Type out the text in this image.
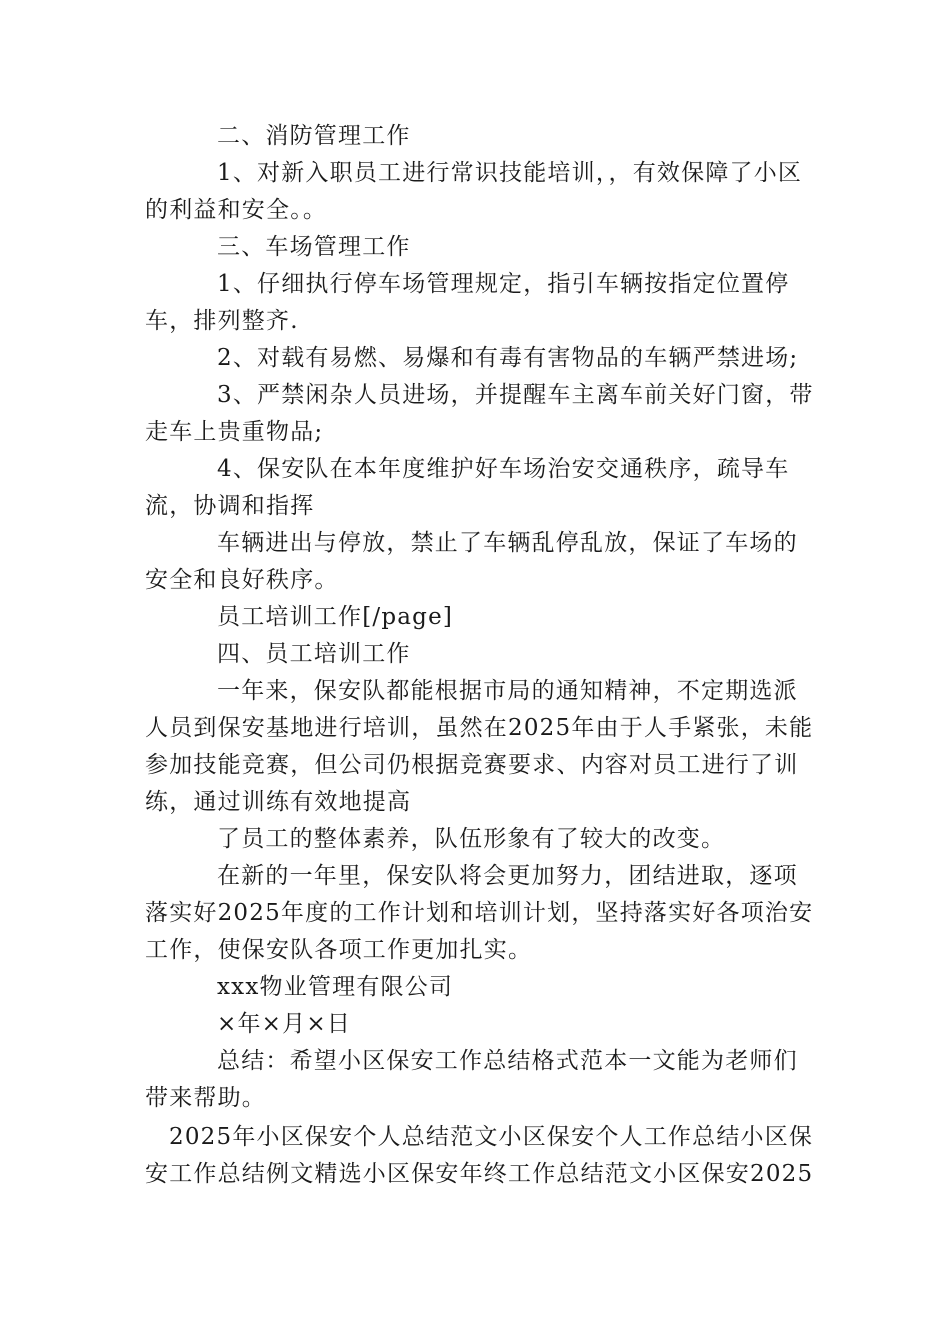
二、消防管理工作

1、对新入职员工进行常识技能培训，，有效保障了小区的利益和安全。。

三、车场管理工作

1、仔细执行停车场管理规定，指引车辆按指定位置停车，排列整齐.

2、对载有易燃、易爆和有毒有害物品的车辆严禁进场;

3、严禁闲杂人员进场，并提醒车主离车前关好门窗，带走车上贵重物品;

4、保安队在本年度维护好车场治安交通秩序，疏导车流，协调和指挥

车辆进出与停放，禁止了车辆乱停乱放，保证了车场的安全和良好秩序。

员工培训工作[/page]

四、员工培训工作

一年来，保安队都能根据市局的通知精神，不定期选派人员到保安基地进行培训，虽然在2025年由于人手紧张，未能参加技能竞赛，但公司仍根据竞赛要求、内容对员工进行了训练，通过训练有效地提高

了员工的整体素养，队伍形象有了较大的改变。

在新的一年里，保安队将会更加努力，团结进取，逐项落实好2025年度的工作计划和培训计划，坚持落实好各项治安工作，使保安队各项工作更加扎实。

xxx物业管理有限公司

×年×月×日

总结：希望小区保安工作总结格式范本一文能为老师们带来帮助。

2025年小区保安个人总结范文小区保安个人工作总结小区保安工作总结例文精选小区保安年终工作总结范文小区保安2025
